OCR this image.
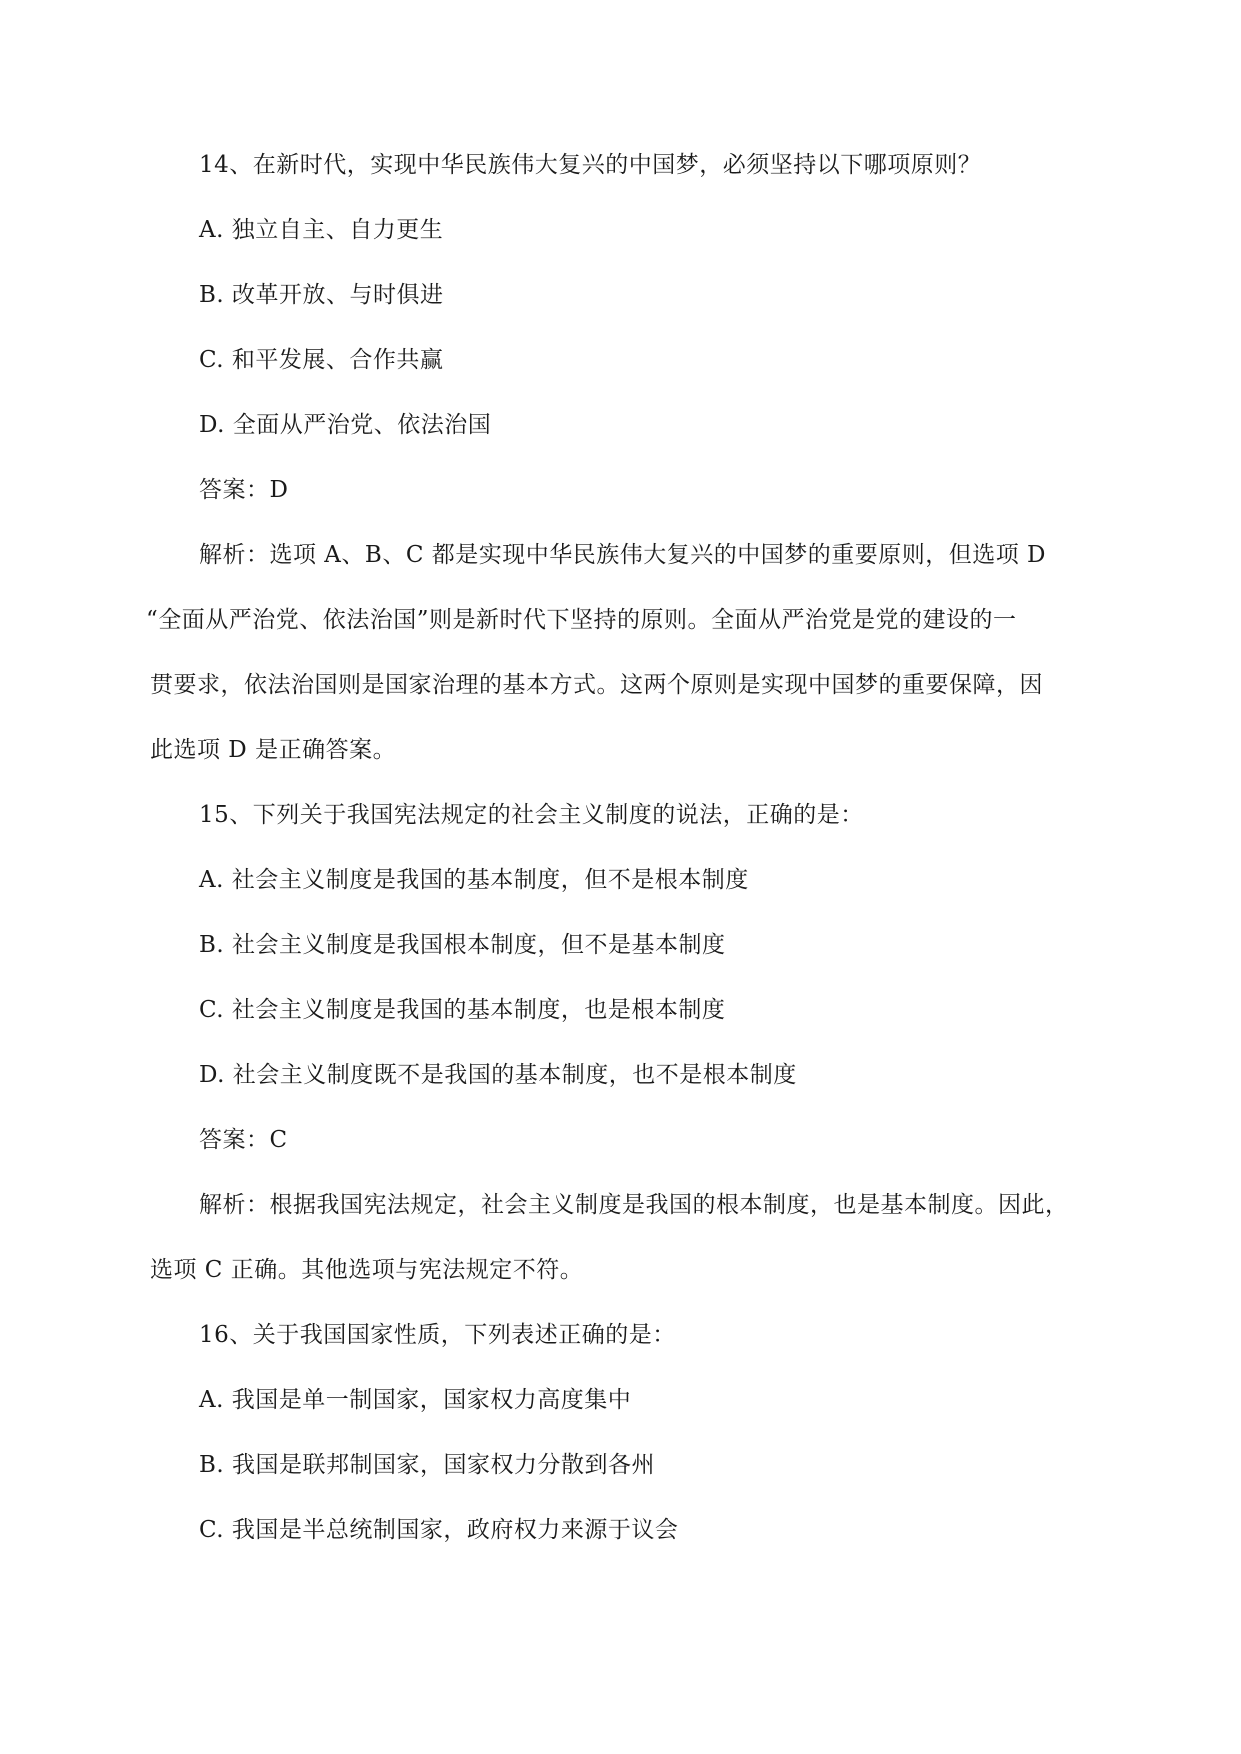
14、在新时代，实现中华民族伟大复兴的中国梦，必须坚持以下哪项原则？
A. 独立自主、自力更生
B. 改革开放、与时俱进
C. 和平发展、合作共赢
D. 全面从严治党、依法治国
答案：D
解析：选项 A、B、C 都是实现中华民族伟大复兴的中国梦的重要原则，但选项 D
“全面从严治党、依法治国”则是新时代下坚持的原则。全面从严治党是党的建设的一
贯要求，依法治国则是国家治理的基本方式。这两个原则是实现中国梦的重要保障，因
此选项 D 是正确答案。
15、下列关于我国宪法规定的社会主义制度的说法，正确的是：
A. 社会主义制度是我国的基本制度，但不是根本制度
B. 社会主义制度是我国根本制度，但不是基本制度
C. 社会主义制度是我国的基本制度，也是根本制度
D. 社会主义制度既不是我国的基本制度，也不是根本制度
答案：C
解析：根据我国宪法规定，社会主义制度是我国的根本制度，也是基本制度。因此，
选项 C 正确。其他选项与宪法规定不符。
16、关于我国国家性质，下列表述正确的是：
A. 我国是单一制国家，国家权力高度集中
B. 我国是联邦制国家，国家权力分散到各州
C. 我国是半总统制国家，政府权力来源于议会
